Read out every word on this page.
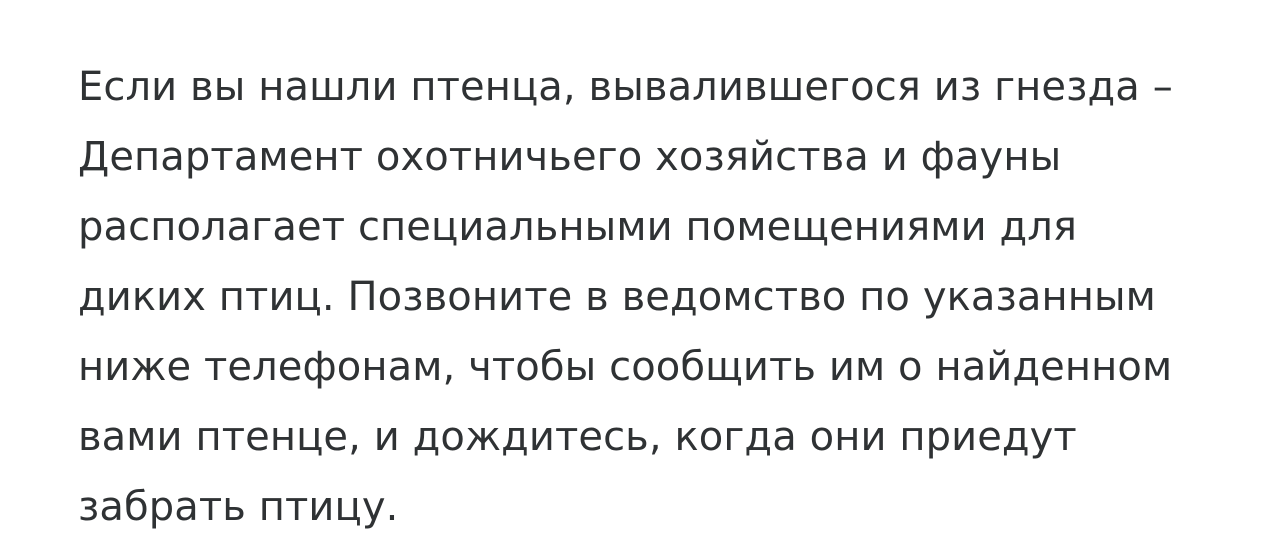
Если вы нашли птенца, вывалившегося из гнезда – Департамент охотничьего хозяйства и фауны располагает специальными помещениями для диких птиц. Позвоните в ведомство по указанным ниже телефонам, чтобы сообщить им о найденном вами птенце, и дождитесь, когда они приедут забрать птицу.
